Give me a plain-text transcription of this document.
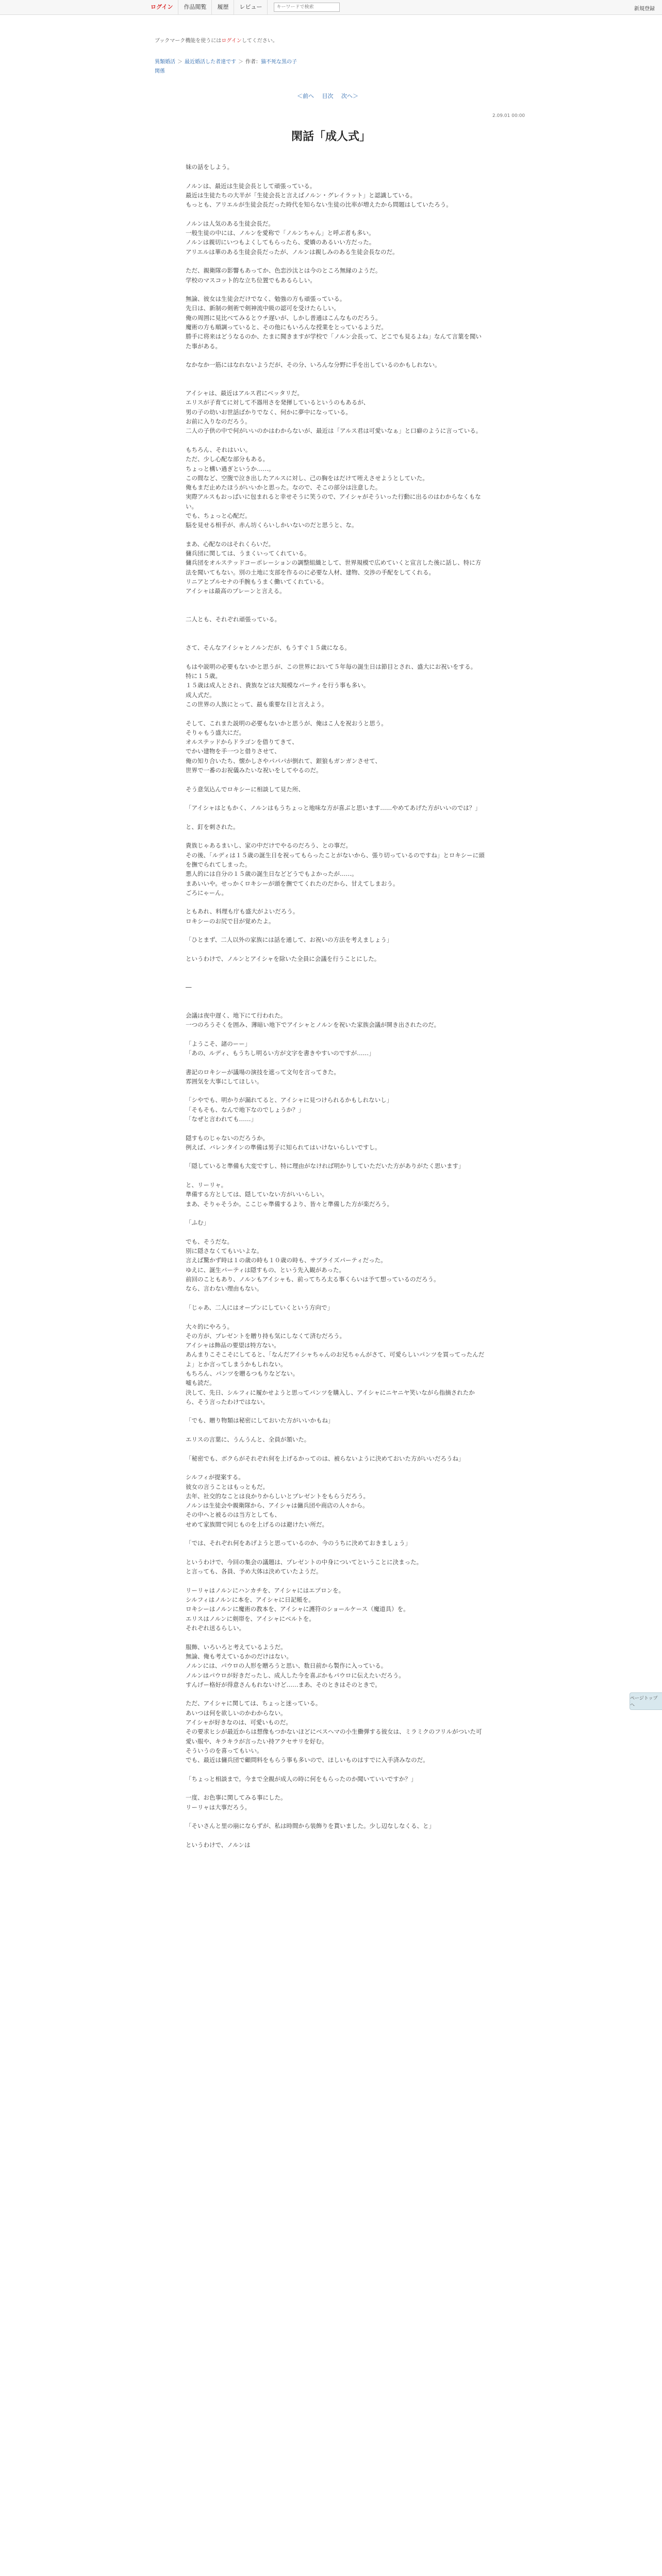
ログイン	作品閲覧	履歴	レビュー
キーワードで検索	新規登録
ブックマーク機能を使うにはログインしてください。
異類婚活 ＞ 最近婚活した者達です ＞ 作者：猫不死な黒の子
関係
＜前へ 目次 次へ＞
2.09.01 00:00
閑話「成人式」

妹の話をしよう。

ノルンは、最近は生徒会長として頑張っている。

最近は生徒たちの大半が「生徒会長と言えばノルン・グレイラット」と認識している。

もっとも、アリエルが生徒会長だった時代を知らない生徒の比率が増えたから問題はしていたろう。

ノルンは人気のある生徒会長だ。

一般生徒の中には、ノルンを愛称で「ノルンちゃん」と呼ぶ者も多い。

ノルンは親切にいつもよくしてもらったら、愛嬌のあるいい方だった。

アリエルは華のある生徒会長だったが、ノルンは親しみのある生徒会長なのだ。

ただ、親衛隊の影響もあってか、色恋沙汰とは今のところ無縁のようだ。

学校のマスコット的な立ち位置でもあるらしい。

無論、彼女は生徒会だけでなく、勉強の方も頑張っている。

先日は、新制の剣術で剣神流中級の認可を受けたらしい。

俺の周囲に見比べてみるとウチ遅いが、しかし普通はこんなものだろう。

魔術の方も順調っていると、その他にもいろんな授業をとっているようだ。

勝手に将来はどうなるのか、たまに聞きますが学校で「ノルン会長って、どこでも見るよね」なんて言葉を聞いた事がある。

なかなか一筋にはなれないようだが、その分、いろんな分野に手を出しているのかもしれない。

アイシャは、最近はアルス君にベッタリだ。

エリスが子育てに対して不器用さを発揮しているというのもあるが、

男の子の幼いお世話ばかりでなく、何かに夢中になっている。

お前に入りなのだろう。

二人の子供の中で何がいいのかはわからないが、最近は「アルス君は可愛いなぁ」と口癖のように言っている。

もちろん、それはいい。

ただ、少し心配な部分もある。

ちょっと構い過ぎというか……。

この間など、空腹で泣き出したアルスに対し、己の胸をはだけて咥えさせようとしていた。

俺もまだ止めたほうがいいかと思った。なので、そこの部分は注意した。

実際アルスもおっぱいに包まれると幸せそうに笑うので、アイシャがそういった行動に出るのはわからなくもない。

でも、ちょっと心配だ。

脳を見せる相手が、赤ん坊くらいしかいないのだと思うと、な。

まあ、心配なのはそれくらいだ。

傭兵団に関しては、うまくいってくれている。

傭兵団をオルステッドコーポレーションの調整組織として、世界規模で広めていくと宣言した後に話し、特に方法を聞いてもない。別の土地に支部を作るのに必要な人材、建物、交渉の手配をしてくれる。

リニアとプルセナの手腕もうまく働いてくれている。

アイシャは最高のプレーンと言える。

二人とも、それぞれ頑張っている。

さて、そんなアイシャとノルンだが、もうすぐ１５歳になる。

もはや説明の必要もないかと思うが、この世界において５年毎の誕生日は節目とされ、盛大にお祝いをする。

特に１５歳。

１５歳は成人とされ、貴族などは大規模なパーティを行う事も多い。

成人式だ。

この世界の人族にとって、最も重要な日と言えよう。

そして、これまた説明の必要もないかと思うが、俺はこ人を祝おうと思う。

そりゃもう盛大にだ。

オルステッドからドラゴンを借りてきて、

でかい建物を手一つと借りさせて、

俺の知り合いたち、懐かしさやパパパが倒れて、銀狼もガンガンさせて、

世界で一番のお祝儀みたいな祝いをしてやるのだ。

そう意気込んでロキシーに相談して見た所、

「アイシャはともかく、ノルンはもうちょっと地味な方が喜ぶと思います……やめてあげた方がいいのでは？」

と、釘を刺された。

貴族じゃあるまいし、家の中だけでやるのだろう、との事だ。

その後、「ルディは１５歳の誕生日を祝ってもらったことがないから、張り切っているのですね」とロキシーに頭を撫でられてしまった。

悪人的には自分の１５歳の誕生日などどうでもよかったが……。

まあいいや。せっかくロキシーが頭を撫でてくれたのだから、甘えてしまおう。

ごろにゃーん。

ともあれ、料理も庁も盛大がよいだろう。

ロキシーのお尻で目が覚めたよ。

「ひとまず、二人以外の家族には話を通して、お祝いの方法を考えましょう」

というわけで、ノルンとアイシャを除いた全員に会議を行うことにした。

―

会議は夜中遅く、地下にて行われた。

一つのろうそくを囲み、薄暗い地下でアイシャとノルンを祝いた家族会議が開き出されたのだ。

「ようこそ、諸のーー」

「あの、ルディ、もうちし明るい方が文字を書きやすいのですが……」

書記のロキシーが議場の演技を遮って文句を言ってきた。

雰囲気を大事にしてほしい。

「シやでも、明かりが漏れてると、アイシャに見つけられるかもしれないし」

「そもそも、なんで地下なのでしょうか？」

「なぜと言われても……」

隠すものじゃないのだろうか。

例えば、バレンタインの準備は男子に知られてはいけないらしいですし。

「隠していると準備も大変ですし、特に理由がなければ明かりしていただいた方がありがたく思います」

と、リーリャ。

準備する方としては、隠していない方がいいらしい。

まあ、そりゃそうか。ここじゃ準備するより、皆々と準備した方が楽だろう。

「ふむ」

でも、そうだな。

別に隠さなくてもいいよな。

言えば驚かず時は１の歳の時も１０歳の時も、サプライズパーティだった。

ゆえに、誕生パーティは隠すもの、という先入観があった。

前回のこともあり、ノルンもアイシャも、前ってちろ太る事くらいは予て想っているのだろう。

なら、言わない理由もない。

「じゃあ、二人にはオープンにしていくという方向で」

大々的にやろう。

その方が、プレゼントを贈り持も気にしなくて済むだろう。

アイシャは飾品の要望は特方ない。

あんまりこそこそにしてると、「なんだアイシャちゃんのお兄ちゃんがさて、可愛らしいパンツを買ってったんだよ」とか言ってしまうかもしれない。

もちろん、パンツを贈るつもりなどない。

嘘も読だ。

決して、先日、シルフィに履かせようと思ってパンツを購入し、アイシャにニヤニヤ笑いながら指摘されたから、そう言ったわけではない。

「でも、贈り物類は秘密にしておいた方がいいかもね」

エリスの言葉に、うんうんと、全員が頷いた。

「秘密でも、ボクらがそれぞれ何を上げるかってのは、被らないように決めておいた方がいいだろうね」

シルフィが提案する。

彼女の言うことはもっともだ。

去年、社交的なことは良かりからしいとプレゼントをもらうだろう。

ノルンは生徒会や親衛隊から、アイシャは傭兵団や商店の人々から。

その中へと被るのは当方としても、

せめて家族間で同じものを上げるのは避けたい所だ。

「では、それぞれ何をあげようと思っているのか、今のうちに決めておきましょう」

というわけで、今回の集会の議題は、プレゼントの中身についてということに決まった。

と言っても、各員、予め大体は決めていたようだ。

リーリャはノルンにハンカチを、アイシャにはエプロンを。

シルフィはノルンに本を、アイシャに日記帳を。

ロキシーはノルンに魔術の教本を、アイシャに護符のショールケース（魔道具）を。

エリスはノルンに剣帯を、アイシャにベルトを。

それぞれ送るらしい。

服飾、いろいろと考えているようだ。

無論、俺も考えているかのだけはない。

ノルンには、パウロの人形を贈ろうと思い、数日前から製作に入っている。

ノルンはパウロが好きだったし、成人した今を喜ぶかもパウロに伝えたいだろう。

すんげー格好が得意さんもれないけど……まあ、そのときはそのときで。

ただ、アイシャに関しては、ちょっと迷っている。

あいつは何を欲しいのかわからない。

アイシャが好きなのは、可愛いものだ。

その要求ヒシが最近からは想像もつかないほどにベスヘマの小生働弾する彼女は、ミラミクのフリルがついた可愛い服や、キラキラが言ったい持アクセサリを好む。

そういうのを喜ってもいい。

でも、最近は傭兵団で顧問料をもらう事も多いので、ほしいものはすでに入手済みなのだ。

「ちょっと相談まで。今まで全親が成人の時に何をもらったのか聞いていいですか？」

一度、お色事に関してみる事にした。

リーリャは大事だろう。

「そいさんと里の崩にならずが、私は時間から装飾りを貰いました。少し辺なしなくる、と」

というわけで、ノルンは

ページトップへ
